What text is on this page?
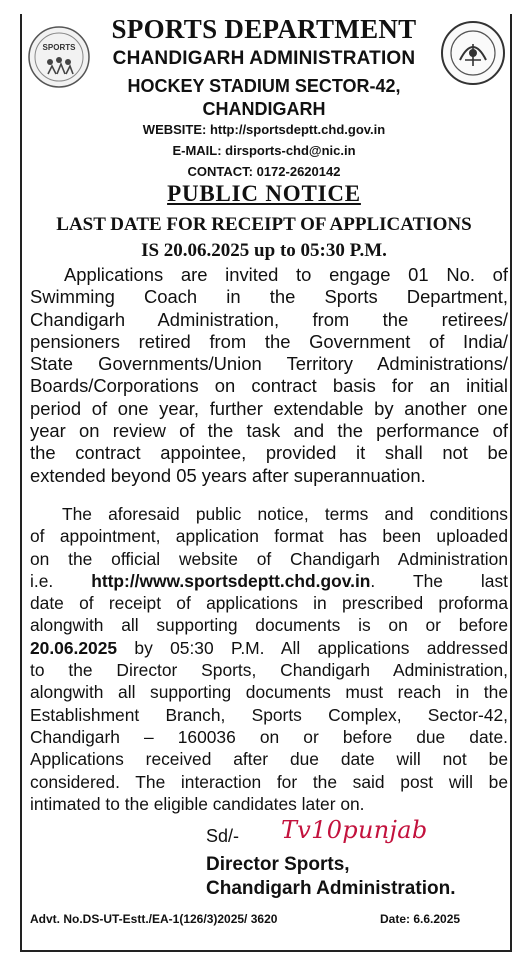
SPORTS
SPORTS DEPARTMENT
CHANDIGARH ADMINISTRATION
HOCKEY STADIUM SECTOR-42,
CHANDIGARH
WEBSITE: http://sportsdeptt.chd.gov.in
E-MAIL: dirsports-chd@nic.in
CONTACT: 0172-2620142
PUBLIC NOTICE
LAST DATE FOR RECEIPT OF APPLICATIONS
IS 20.06.2025 up to 05:30 P.M.
Applications are invited to engage 01 No. of
Swimming Coach in the Sports Department,
Chandigarh Administration, from the retirees/
pensioners retired from the Government of India/
State Governments/Union Territory Administrations/
Boards/Corporations on contract basis for an initial
period of one year, further extendable by another one
year on review of the task and the performance of
the contract appointee, provided it shall not be
extended beyond 05 years after superannuation.
The aforesaid public notice, terms and conditions
of appointment, application format has been uploaded
on the official website of Chandigarh Administration
i.e. http://www.sportsdeptt.chd.gov.in. The last
date of receipt of applications in prescribed proforma
alongwith all supporting documents is on or before
20.06.2025 by 05:30 P.M. All applications addressed
to the Director Sports, Chandigarh Administration,
alongwith all supporting documents must reach in the
Establishment Branch, Sports Complex, Sector-42,
Chandigarh – 160036 on or before due date.
Applications received after due date will not be
considered. The interaction for the said post will be
intimated to the eligible candidates later on.
Sd/- Tv10punjab
Director Sports,
Chandigarh Administration.
Advt. No.DS-UT-Estt./EA-1(126/3)2025/ 3620	Date: 6.6.2025
